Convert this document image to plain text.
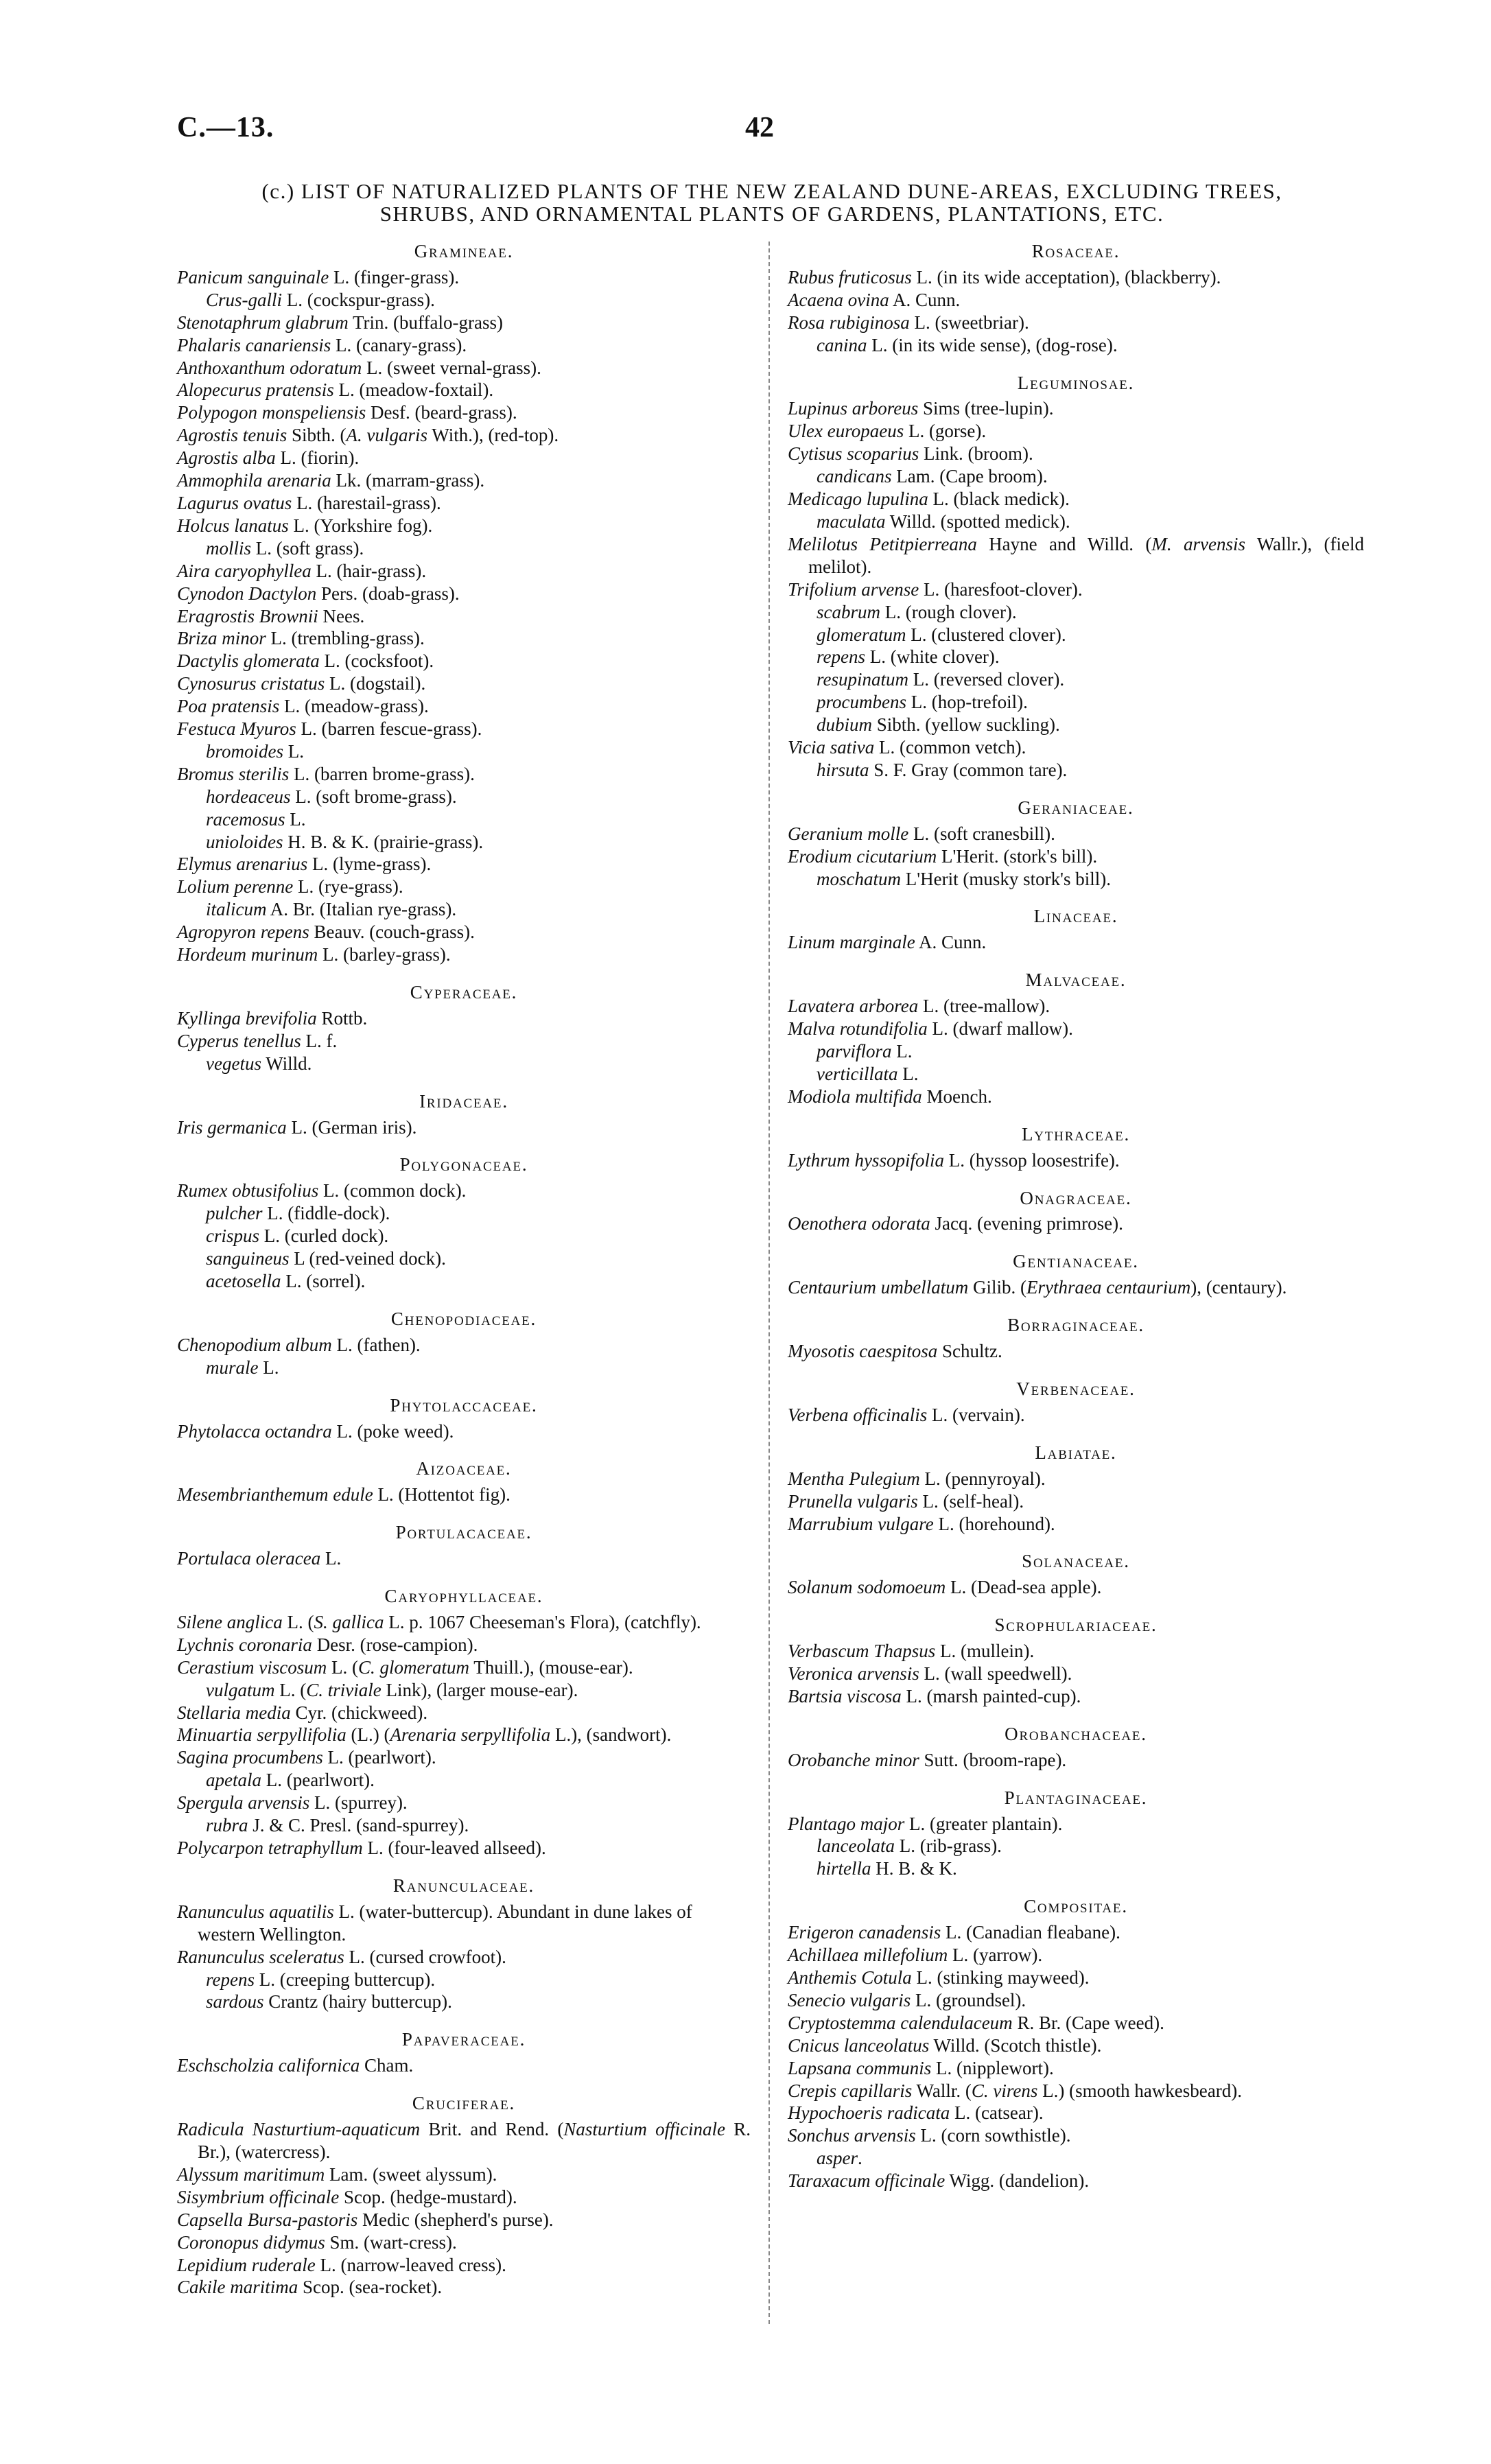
C.—13.	42
(c.) LIST OF NATURALIZED PLANTS OF THE NEW ZEALAND DUNE-AREAS, EXCLUDING TREES,
SHRUBS, AND ORNAMENTAL PLANTS OF GARDENS, PLANTATIONS, ETC.
Gramineae.
Panicum sanguinale L. (finger-grass).
Crus-galli L. (cockspur-grass).
Stenotaphrum glabrum Trin. (buffalo-grass)
Phalaris canariensis L. (canary-grass).
Anthoxanthum odoratum L. (sweet vernal-grass).
Alopecurus pratensis L. (meadow-foxtail).
Polypogon monspeliensis Desf. (beard-grass).
Agrostis tenuis Sibth. (A. vulgaris With.), (red-top).
Agrostis alba L. (fiorin).
Ammophila arenaria Lk. (marram-grass).
Lagurus ovatus L. (harestail-grass).
Holcus lanatus L. (Yorkshire fog).
mollis L. (soft grass).
Aira caryophyllea L. (hair-grass).
Cynodon Dactylon Pers. (doab-grass).
Eragrostis Brownii Nees.
Briza minor L. (trembling-grass).
Dactylis glomerata L. (cocksfoot).
Cynosurus cristatus L. (dogstail).
Poa pratensis L. (meadow-grass).
Festuca Myuros L. (barren fescue-grass).
bromoides L.
Bromus sterilis L. (barren brome-grass).
hordeaceus L. (soft brome-grass).
racemosus L.
unioloides H. B. & K. (prairie-grass).
Elymus arenarius L. (lyme-grass).
Lolium perenne L. (rye-grass).
italicum A. Br. (Italian rye-grass).
Agropyron repens Beauv. (couch-grass).
Hordeum murinum L. (barley-grass).
Cyperaceae.
Kyllinga brevifolia Rottb.
Cyperus tenellus L. f.
vegetus Willd.
Iridaceae.
Iris germanica L. (German iris).
Polygonaceae.
Rumex obtusifolius L. (common dock).
pulcher L. (fiddle-dock).
crispus L. (curled dock).
sanguineus L (red-veined dock).
acetosella L. (sorrel).
Chenopodiaceae.
Chenopodium album L. (fathen).
murale L.
Phytolaccaceae.
Phytolacca octandra L. (poke weed).
Aizoaceae.
Mesembrianthemum edule L. (Hottentot fig).
Portulacaceae.
Portulaca oleracea L.
Caryophyllaceae.
Silene anglica L. (S. gallica L. p. 1067 Cheeseman's Flora), (catchfly).
Lychnis coronaria Desr. (rose-campion).
Cerastium viscosum L. (C. glomeratum Thuill.), (mouse-ear).
vulgatum L. (C. triviale Link), (larger mouse-ear).
Stellaria media Cyr. (chickweed).
Minuartia serpyllifolia (L.) (Arenaria serpyllifolia L.), (sandwort).
Sagina procumbens L. (pearlwort).
apetala L. (pearlwort).
Spergula arvensis L. (spurrey).
rubra J. & C. Presl. (sand-spurrey).
Polycarpon tetraphyllum L. (four-leaved allseed).
Ranunculaceae.
Ranunculus aquatilis L. (water-buttercup). Abundant in dune lakes of western Wellington.
Ranunculus sceleratus L. (cursed crowfoot).
repens L. (creeping buttercup).
sardous Crantz (hairy buttercup).
Papaveraceae.
Eschscholzia californica Cham.
Cruciferae.
Radicula Nasturtium-aquaticum Brit. and Rend. (Nasturtium officinale R. Br.), (watercress).
Alyssum maritimum Lam. (sweet alyssum).
Sisymbrium officinale Scop. (hedge-mustard).
Capsella Bursa-pastoris Medic (shepherd's purse).
Coronopus didymus Sm. (wart-cress).
Lepidium ruderale L. (narrow-leaved cress).
Cakile maritima Scop. (sea-rocket).
Rosaceae.
Rubus fruticosus L. (in its wide acceptation), (blackberry).
Acaena ovina A. Cunn.
Rosa rubiginosa L. (sweetbriar).
canina L. (in its wide sense), (dog-rose).
Leguminosae.
Lupinus arboreus Sims (tree-lupin).
Ulex europaeus L. (gorse).
Cytisus scoparius Link. (broom).
candicans Lam. (Cape broom).
Medicago lupulina L. (black medick).
maculata Willd. (spotted medick).
Melilotus Petitpierreana Hayne and Willd. (M. arvensis Wallr.), (field melilot).
Trifolium arvense L. (haresfoot-clover).
scabrum L. (rough clover).
glomeratum L. (clustered clover).
repens L. (white clover).
resupinatum L. (reversed clover).
procumbens L. (hop-trefoil).
dubium Sibth. (yellow suckling).
Vicia sativa L. (common vetch).
hirsuta S. F. Gray (common tare).
Geraniaceae.
Geranium molle L. (soft cranesbill).
Erodium cicutarium L'Herit. (stork's bill).
moschatum L'Herit (musky stork's bill).
Linaceae.
Linum marginale A. Cunn.
Malvaceae.
Lavatera arborea L. (tree-mallow).
Malva rotundifolia L. (dwarf mallow).
parviflora L.
verticillata L.
Modiola multifida Moench.
Lythraceae.
Lythrum hyssopifolia L. (hyssop loosestrife).
Onagraceae.
Oenothera odorata Jacq. (evening primrose).
Gentianaceae.
Centaurium umbellatum Gilib. (Erythraea centaurium), (centaury).
Borraginaceae.
Myosotis caespitosa Schultz.
Verbenaceae.
Verbena officinalis L. (vervain).
Labiatae.
Mentha Pulegium L. (pennyroyal).
Prunella vulgaris L. (self-heal).
Marrubium vulgare L. (horehound).
Solanaceae.
Solanum sodomoeum L. (Dead-sea apple).
Scrophulariaceae.
Verbascum Thapsus L. (mullein).
Veronica arvensis L. (wall speedwell).
Bartsia viscosa L. (marsh painted-cup).
Orobanchaceae.
Orobanche minor Sutt. (broom-rape).
Plantaginaceae.
Plantago major L. (greater plantain).
lanceolata L. (rib-grass).
hirtella H. B. & K.
Compositae.
Erigeron canadensis L. (Canadian fleabane).
Achillaea millefolium L. (yarrow).
Anthemis Cotula L. (stinking mayweed).
Senecio vulgaris L. (groundsel).
Cryptostemma calendulaceum R. Br. (Cape weed).
Cnicus lanceolatus Willd. (Scotch thistle).
Lapsana communis L. (nipplewort).
Crepis capillaris Wallr. (C. virens L.) (smooth hawkesbeard).
Hypochoeris radicata L. (catsear).
Sonchus arvensis L. (corn sowthistle).
asper.
Taraxacum officinale Wigg. (dandelion).
